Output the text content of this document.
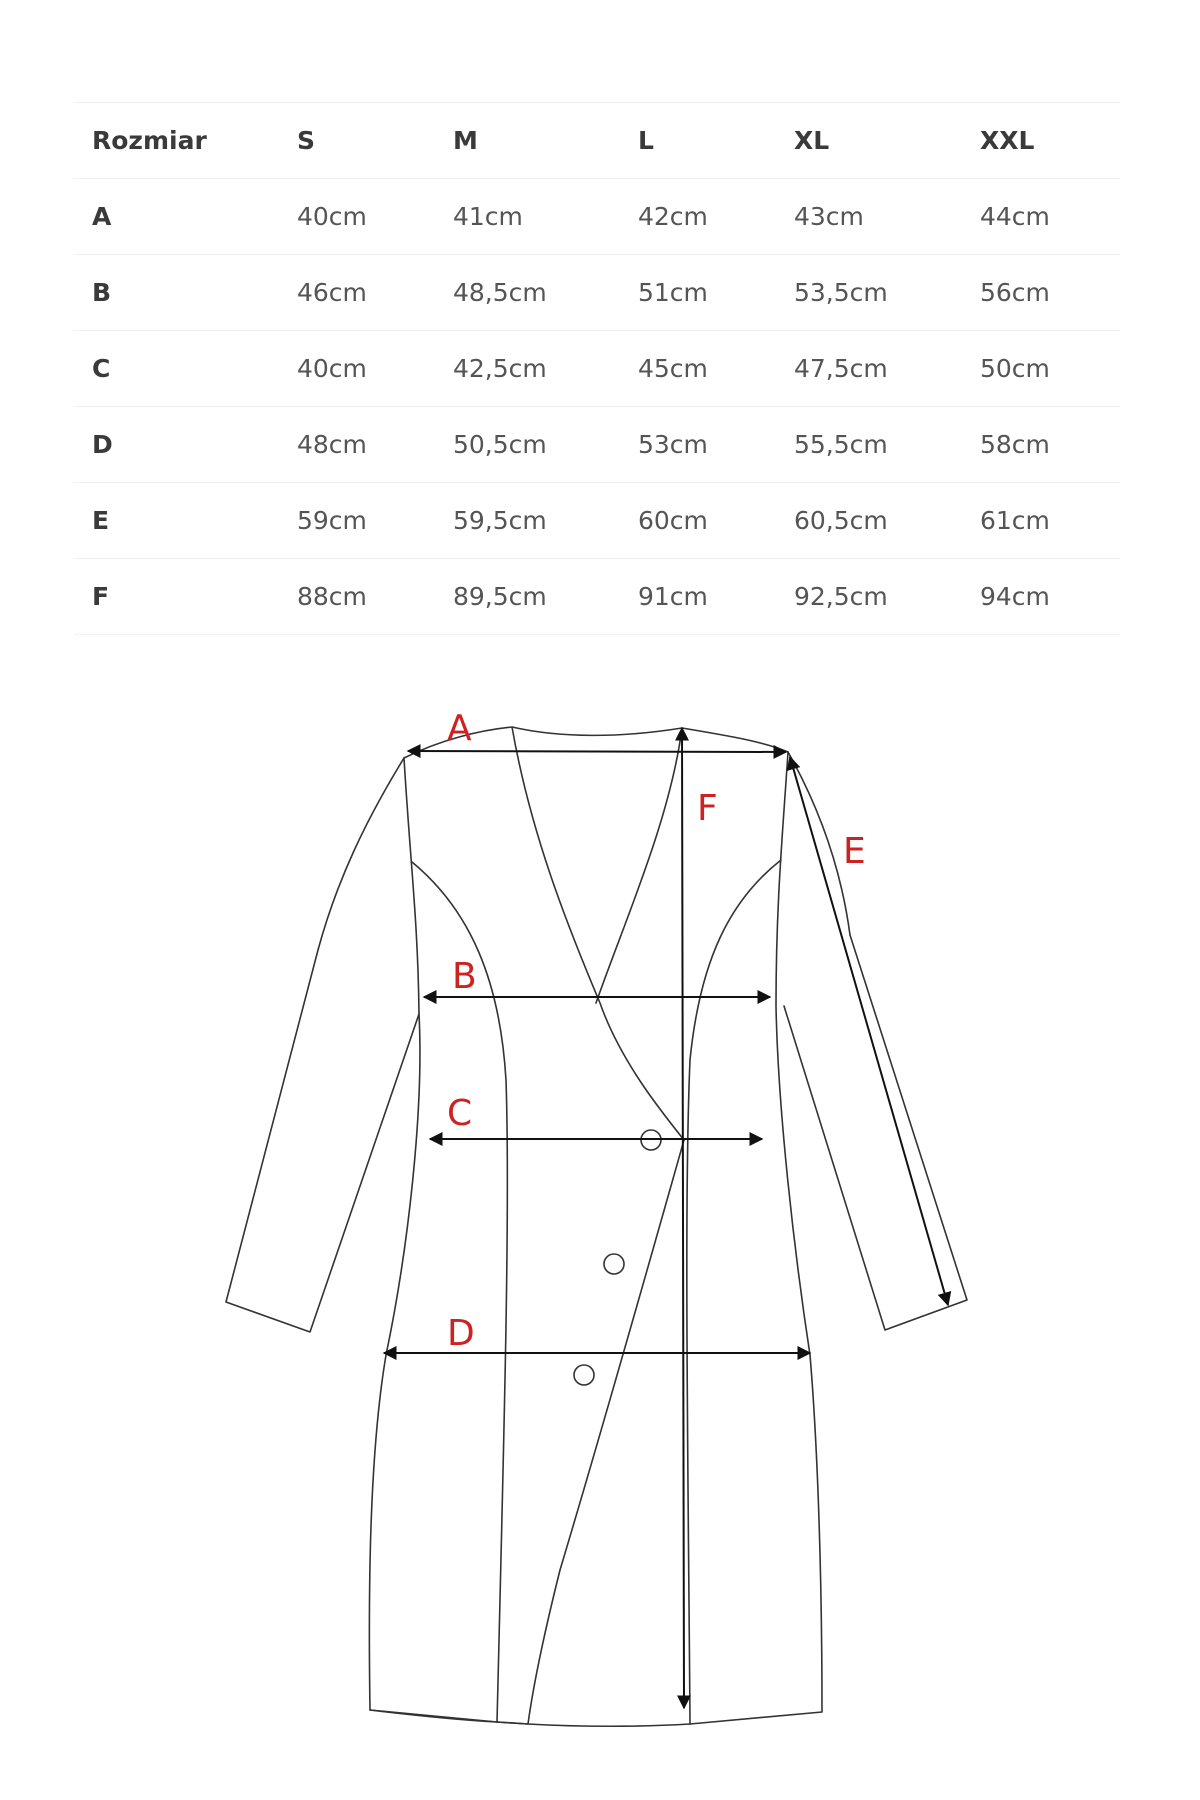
Rozmiar	S	M	L	XL	XXL
A	40cm	41cm	42cm	43cm	44cm
B	46cm	48,5cm	51cm	53,5cm	56cm
C	40cm	42,5cm	45cm	47,5cm	50cm
D	48cm	50,5cm	53cm	55,5cm	58cm
E	59cm	59,5cm	60cm	60,5cm	61cm
F	88cm	89,5cm	91cm	92,5cm	94cm
A
B
C
D
E
F
